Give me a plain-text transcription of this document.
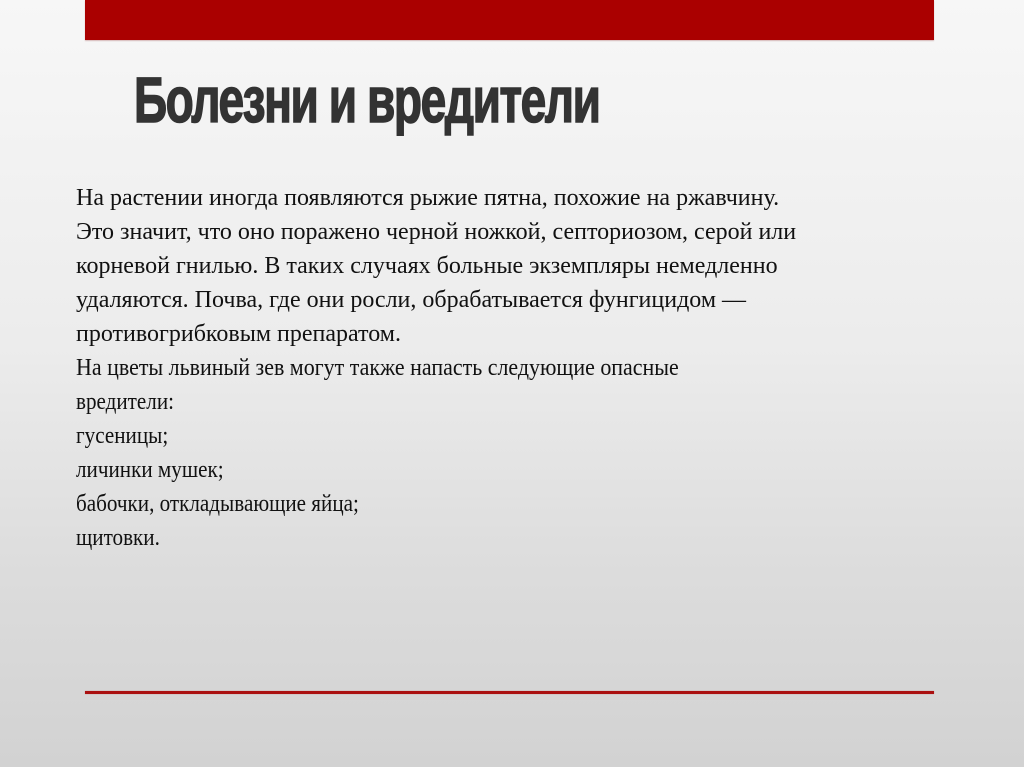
Болезни и вредители
На растении иногда появляются рыжие пятна, похожие на ржавчину.
Это значит, что оно поражено черной ножкой, септориозом, серой или
корневой гнилью. В таких случаях больные экземпляры немедленно
удаляются. Почва, где они росли, обрабатывается фунгицидом —
противогрибковым препаратом.
На цветы львиный зев могут также напасть следующие опасные
вредители:
гусеницы;
личинки мушек;
бабочки, откладывающие яйца;
щитовки.
